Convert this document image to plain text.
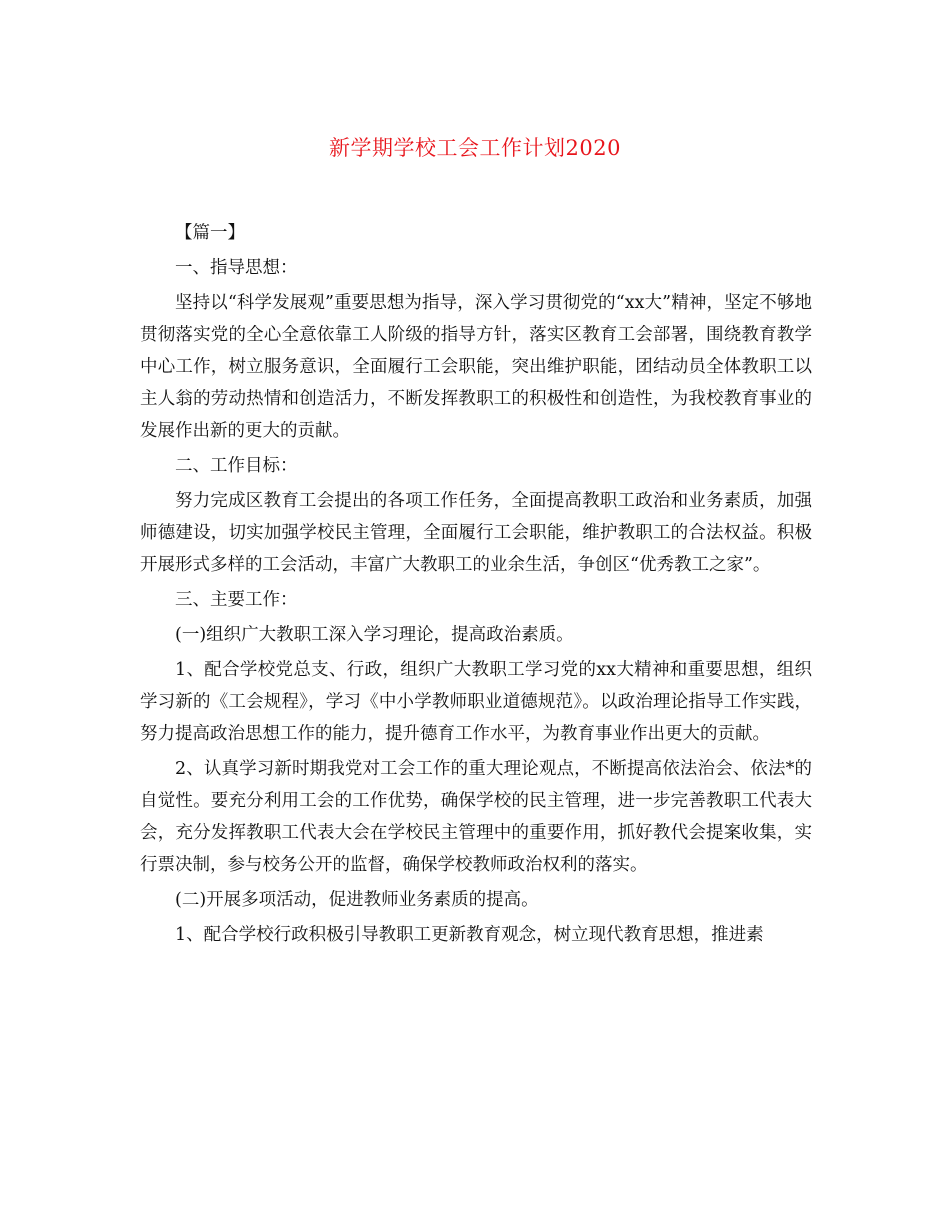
新学期学校工会工作计划2020

【篇一】

一、指导思想：

坚持以“科学发展观”重要思想为指导，深入学习贯彻党的“xx大”精神，坚定不够地贯彻落实党的全心全意依靠工人阶级的指导方针，落实区教育工会部署，围绕教育教学中心工作，树立服务意识，全面履行工会职能，突出维护职能，团结动员全体教职工以主人翁的劳动热情和创造活力，不断发挥教职工的积极性和创造性，为我校教育事业的发展作出新的更大的贡献。

二、工作目标：

努力完成区教育工会提出的各项工作任务，全面提高教职工政治和业务素质，加强师德建设，切实加强学校民主管理，全面履行工会职能，维护教职工的合法权益。积极开展形式多样的工会活动，丰富广大教职工的业余生活，争创区“优秀教工之家”。

三、主要工作：

(一)组织广大教职工深入学习理论，提高政治素质。

1、配合学校党总支、行政，组织广大教职工学习党的xx大精神和重要思想，组织学习新的《工会规程》，学习《中小学教师职业道德规范》。以政治理论指导工作实践，努力提高政治思想工作的能力，提升德育工作水平，为教育事业作出更大的贡献。

2、认真学习新时期我党对工会工作的重大理论观点，不断提高依法治会、依法*的自觉性。要充分利用工会的工作优势，确保学校的民主管理，进一步完善教职工代表大会，充分发挥教职工代表大会在学校民主管理中的重要作用，抓好教代会提案收集，实行票决制，参与校务公开的监督，确保学校教师政治权利的落实。

(二)开展多项活动，促进教师业务素质的提高。

1、配合学校行政积极引导教职工更新教育观念，树立现代教育思想，推进素
